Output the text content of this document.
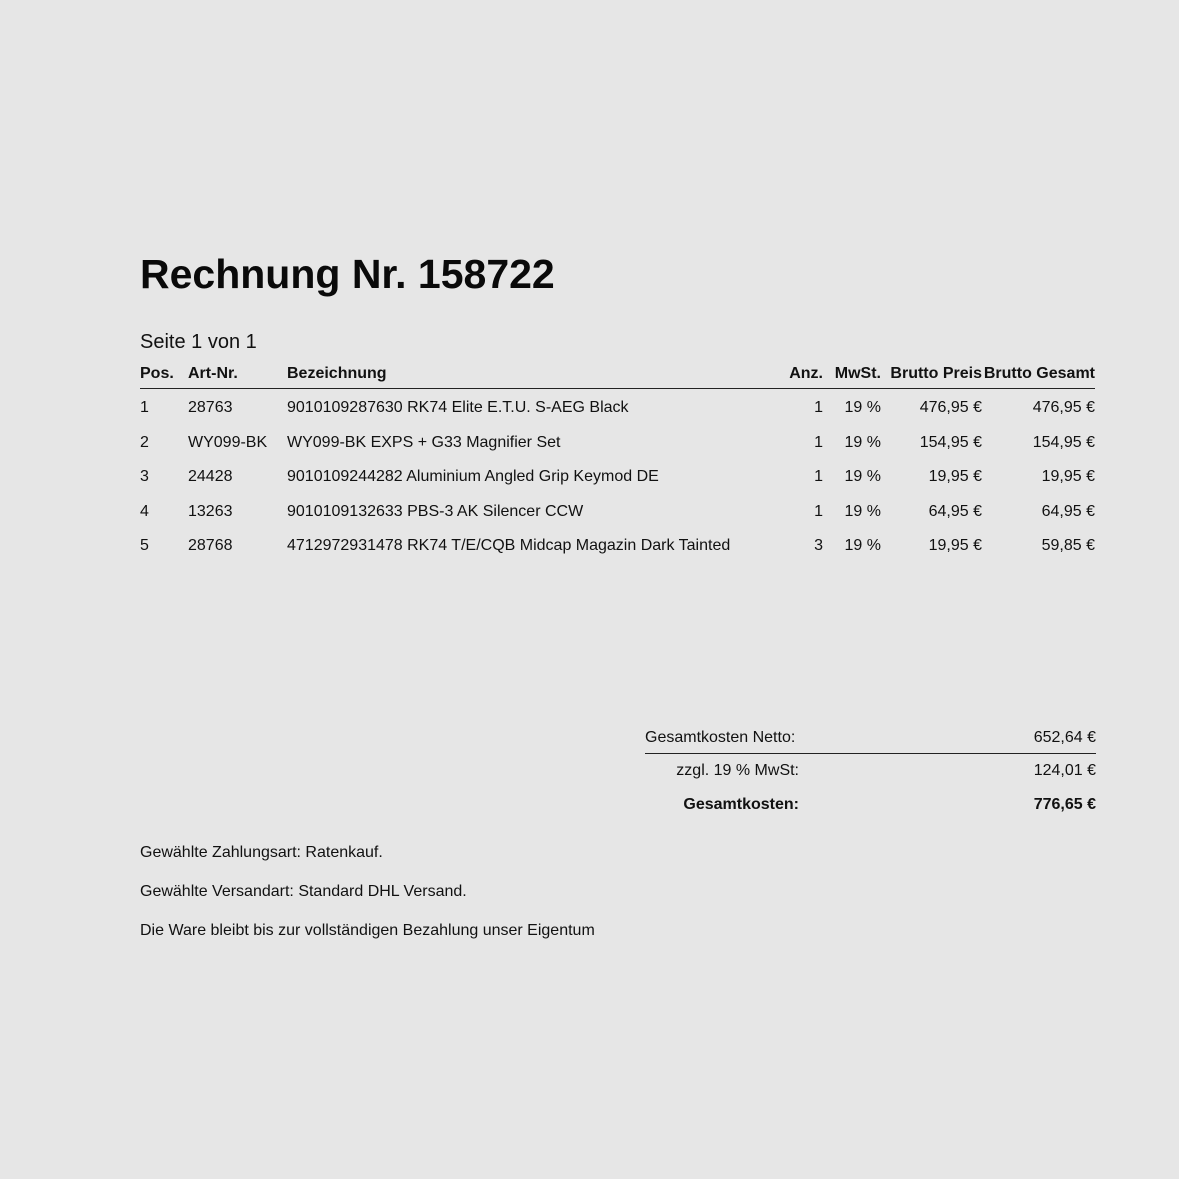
Rechnung Nr. 158722
Seite 1 von 1
Pos.	Art-Nr.	Bezeichnung	Anz.	MwSt.	Brutto Preis	Brutto Gesamt
1	28763	9010109287630 RK74 Elite E.T.U. S-AEG Black	1	19 %	476,95 €	476,95 €
2	WY099-BK	WY099-BK EXPS + G33 Magnifier Set	1	19 %	154,95 €	154,95 €
3	24428	9010109244282 Aluminium Angled Grip Keymod DE	1	19 %	19,95 €	19,95 €
4	13263	9010109132633 PBS-3 AK Silencer CCW	1	19 %	64,95 €	64,95 €
5	28768	4712972931478 RK74 T/E/CQB Midcap Magazin Dark Tainted	3	19 %	19,95 €	59,85 €
Gesamtkosten Netto:	652,64 €
zzgl. 19 % MwSt:	124,01 €
Gesamtkosten:	776,65 €
Gewählte Zahlungsart: Ratenkauf.
Gewählte Versandart: Standard DHL Versand.
Die Ware bleibt bis zur vollständigen Bezahlung unser Eigentum
